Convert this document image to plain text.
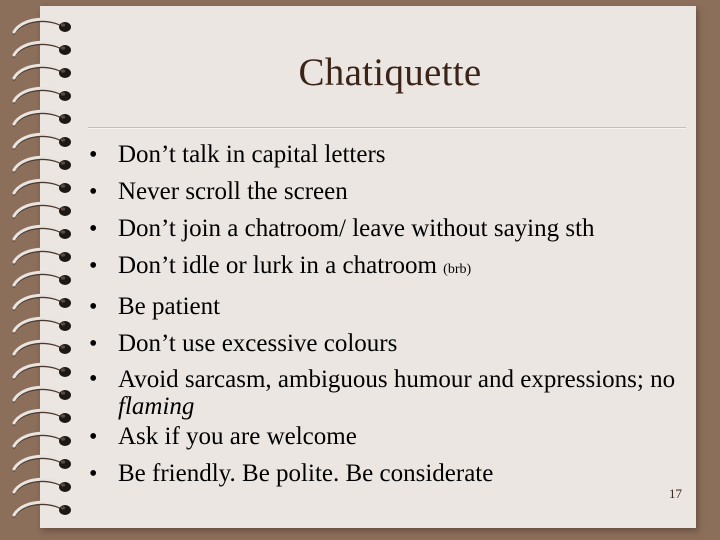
Chatiquette
• Don’t talk in capital letters
• Never scroll the screen
• Don’t join a chatroom/ leave without saying sth
• Don’t idle or lurk in a chatroom (brb)
• Be patient
• Don’t use excessive colours
• Avoid sarcasm, ambiguous humour and expressions; no flaming
• Ask if you are welcome
• Be friendly. Be polite. Be considerate
17
